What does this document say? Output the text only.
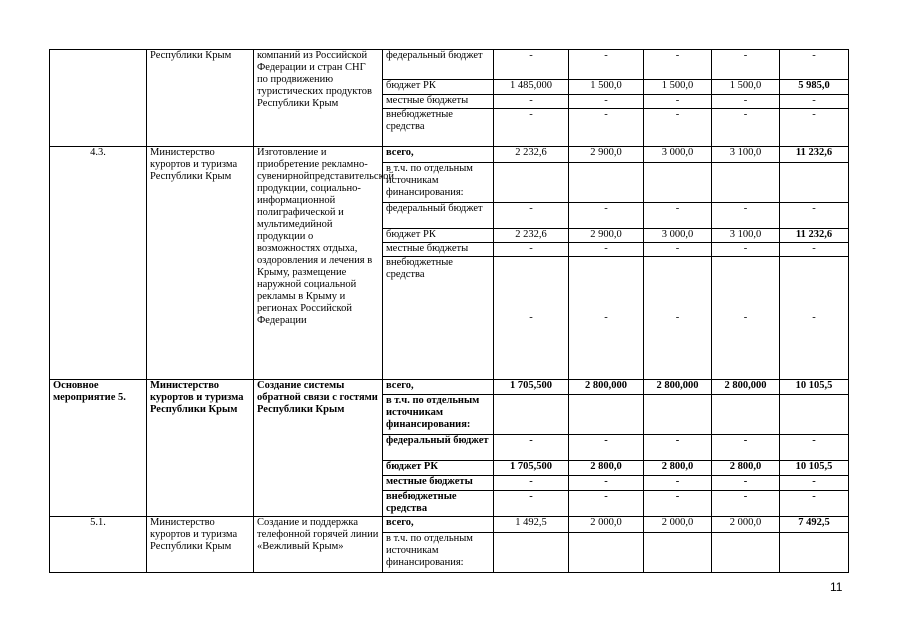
	Республики Крым	компаний из Российской Федерации и стран СНГ по продвижению туристических продуктов Республики Крым	федеральный бюджет	-	-	-	-	-
			бюджет РК	1 485,000	1 500,0	1 500,0	1 500,0	5 985,0
			местные бюджеты	-	-	-	-	-
			внебюджетные средства	-	-	-	-	-
4.3.	Министерство курортов и туризма Республики Крым	Изготовление и приобретение рекламно-сувенирнойпредставительской продукции, социально-информационной полиграфической и мультимедийной продукции о возможностях отдыха, оздоровления и лечения в Крыму, размещение наружной социальной рекламы в Крыму и регионах Российской Федерации	всего,	2 232,6	2 900,0	3 000,0	3 100,0	11 232,6
			в т.ч. по отдельным источникам финансирования:					
			федеральный бюджет	-	-	-	-	-
			бюджет РК	2 232,6	2 900,0	3 000,0	3 100,0	11 232,6
			местные бюджеты	-	-	-	-	-
			внебюджетные средства	-	-	-	-	-
Основное мероприятие 5.	Министерство курортов и туризма Республики Крым	Создание системы обратной связи с гостями Республики Крым	всего,	1 705,500	2 800,000	2 800,000	2 800,000	10 105,5
			в т.ч. по отдельным источникам финансирования:					
			федеральный бюджет	-	-	-	-	-
			бюджет РК	1 705,500	2 800,0	2 800,0	2 800,0	10 105,5
			местные бюджеты	-	-	-	-	-
			внебюджетные средства	-	-	-	-	-
5.1.	Министерство курортов и туризма Республики Крым	Создание и поддержка телефонной горячей линии «Вежливый Крым»	всего,	1 492,5	2 000,0	2 000,0	2 000,0	7 492,5
			в т.ч. по отдельным источникам финансирования:					
11
